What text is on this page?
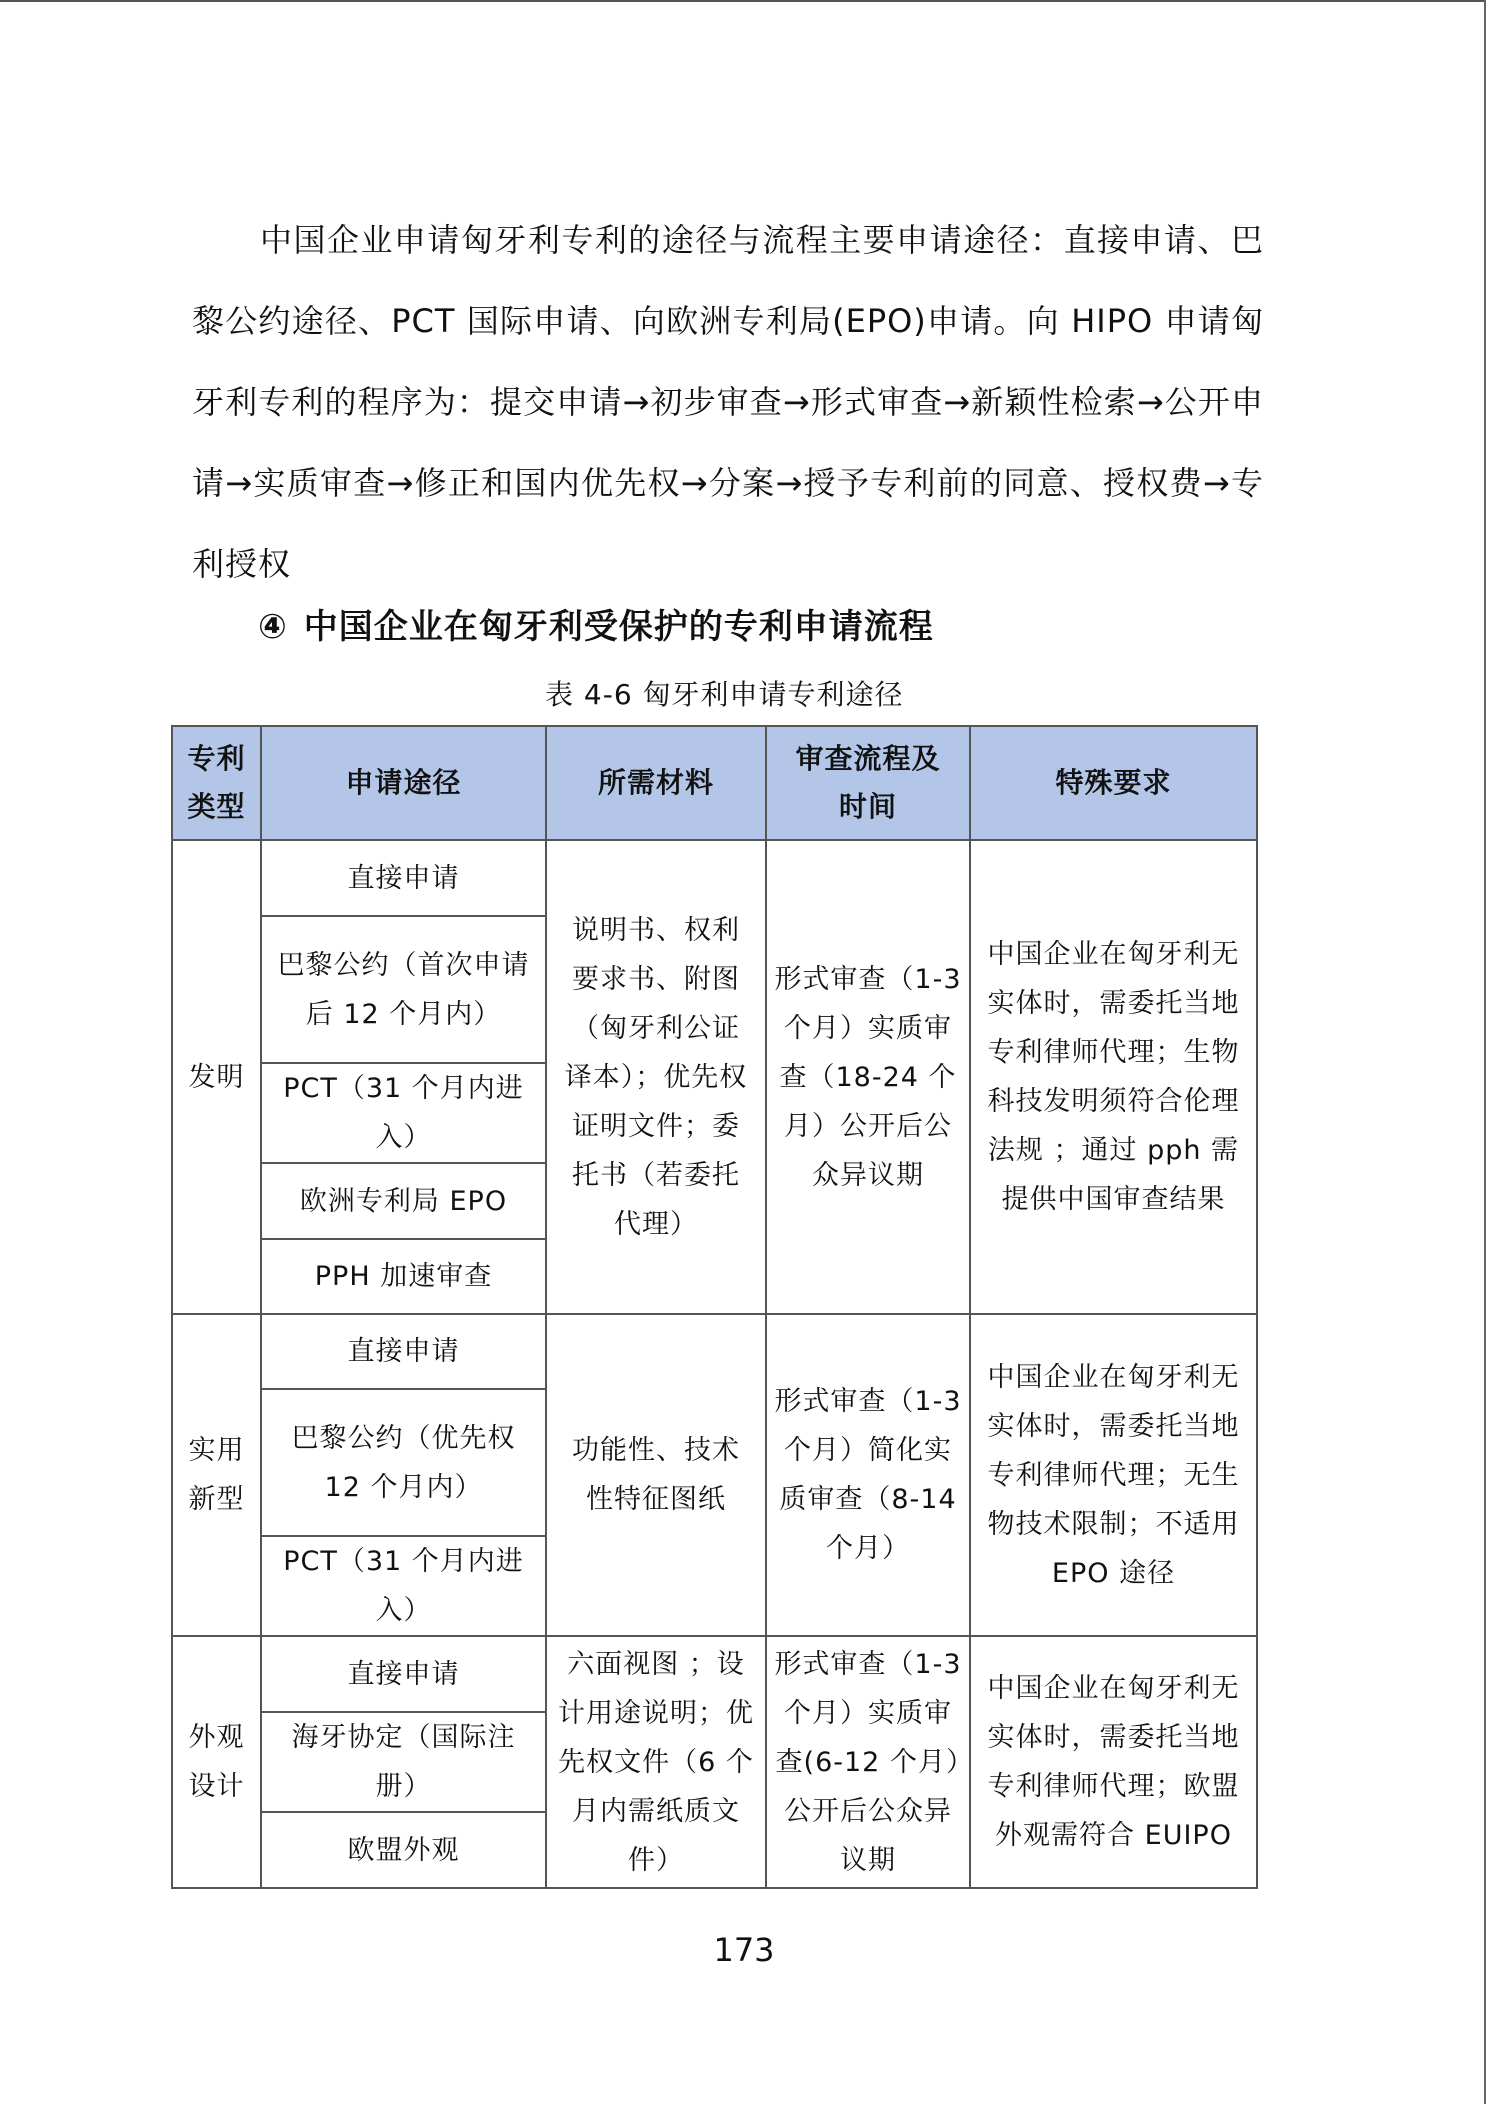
中国企业申请匈牙利专利的途径与流程主要申请途径：直接申请、巴黎公约途径、PCT 国际申请、向欧洲专利局(EPO)申请。向 HIPO 申请匈牙利专利的程序为：提交申请→初步审查→形式审查→新颖性检索→公开申请→实质审查→修正和国内优先权→分案→授予专利前的同意、授权费→专利授权

④ 中国企业在匈牙利受保护的专利申请流程
表 4-6 匈牙利申请专利途径
专利类型	申请途径	所需材料	审查流程及时间	特殊要求
发明	直接申请	说明书、权利要求书、附图（匈牙利公证译本）；优先权证明文件；委托书（若委托代理）	形式审查（1-3 个月）实质审查（18-24 个月）公开后公众异议期	中国企业在匈牙利无实体时，需委托当地专利律师代理；生物科技发明须符合伦理法规 ；通过 pph 需提供中国审查结果
巴黎公约（首次申请后 12 个月内）
PCT（31 个月内进入）
欧洲专利局 EPO
PPH 加速审查
实用新型	直接申请	功能性、技术性特征图纸	形式审查（1-3 个月）简化实质审查（8-14 个月）	中国企业在匈牙利无实体时，需委托当地专利律师代理；无生物技术限制；不适用 EPO 途径
巴黎公约（优先权 12 个月内）
PCT（31 个月内进入）
外观设计	直接申请	六面视图 ；设计用途说明；优先权文件（6 个月内需纸质文件）	形式审查（1-3 个月）实质审查(6-12 个月）公开后公众异议期	中国企业在匈牙利无实体时，需委托当地专利律师代理；欧盟外观需符合 EUIPO
海牙协定（国际注册）
欧盟外观
173
